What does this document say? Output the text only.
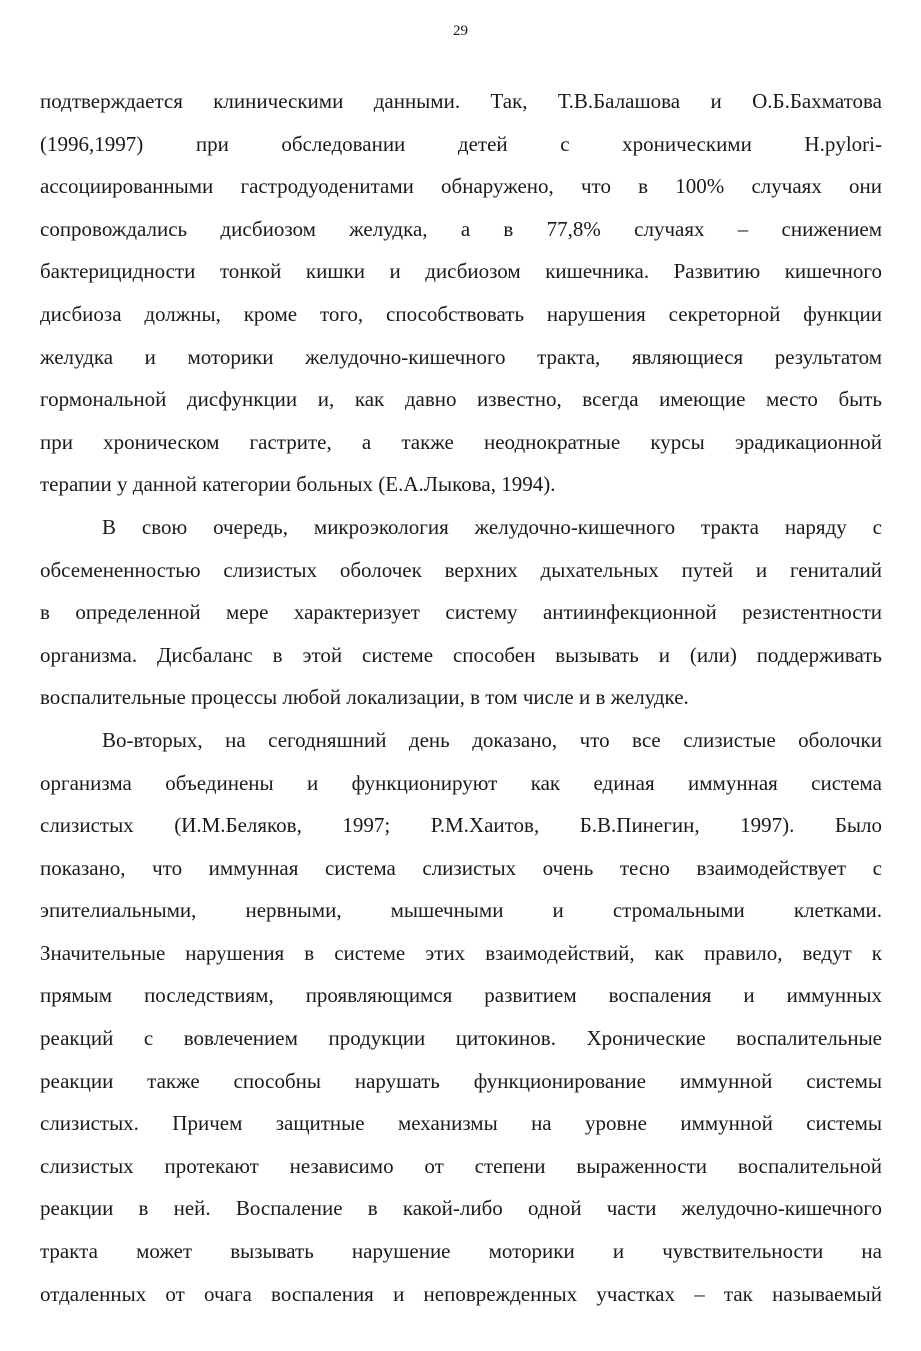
29
подтверждается клиническими данными. Так, Т.В.Балашова и О.Б.Бахматова
(1996,1997) при обследовании детей с хроническими H.pylori-
ассоциированными гастродуоденитами обнаружено, что в 100% случаях они
сопровождались дисбиозом желудка, а в 77,8% случаях – снижением
бактерицидности тонкой кишки и дисбиозом кишечника. Развитию кишечного
дисбиоза должны, кроме того, способствовать нарушения секреторной функции
желудка и моторики желудочно-кишечного тракта, являющиеся результатом
гормональной дисфункции и, как давно известно, всегда имеющие место быть
при хроническом гастрите, а также неоднократные курсы эрадикационной
терапии у данной категории больных (Е.А.Лыкова, 1994).
В свою очередь, микроэкология желудочно-кишечного тракта наряду с
обсемененностью слизистых оболочек верхних дыхательных путей и гениталий
в определенной мере характеризует систему антиинфекционной резистентности
организма. Дисбаланс в этой системе способен вызывать и (или) поддерживать
воспалительные процессы любой локализации, в том числе и в желудке.
Во-вторых, на сегодняшний день доказано, что все слизистые оболочки
организма объединены и функционируют как единая иммунная система
слизистых (И.М.Беляков, 1997; Р.М.Хаитов, Б.В.Пинегин, 1997). Было
показано, что иммунная система слизистых очень тесно взаимодействует с
эпителиальными, нервными, мышечными и стромальными клетками.
Значительные нарушения в системе этих взаимодействий, как правило, ведут к
прямым последствиям, проявляющимся развитием воспаления и иммунных
реакций с вовлечением продукции цитокинов. Хронические воспалительные
реакции также способны нарушать функционирование иммунной системы
слизистых. Причем защитные механизмы на уровне иммунной системы
слизистых протекают независимо от степени выраженности воспалительной
реакции в ней. Воспаление в какой-либо одной части желудочно-кишечного
тракта может вызывать нарушение моторики и чувствительности на
отдаленных от очага воспаления и неповрежденных участках – так называемый
